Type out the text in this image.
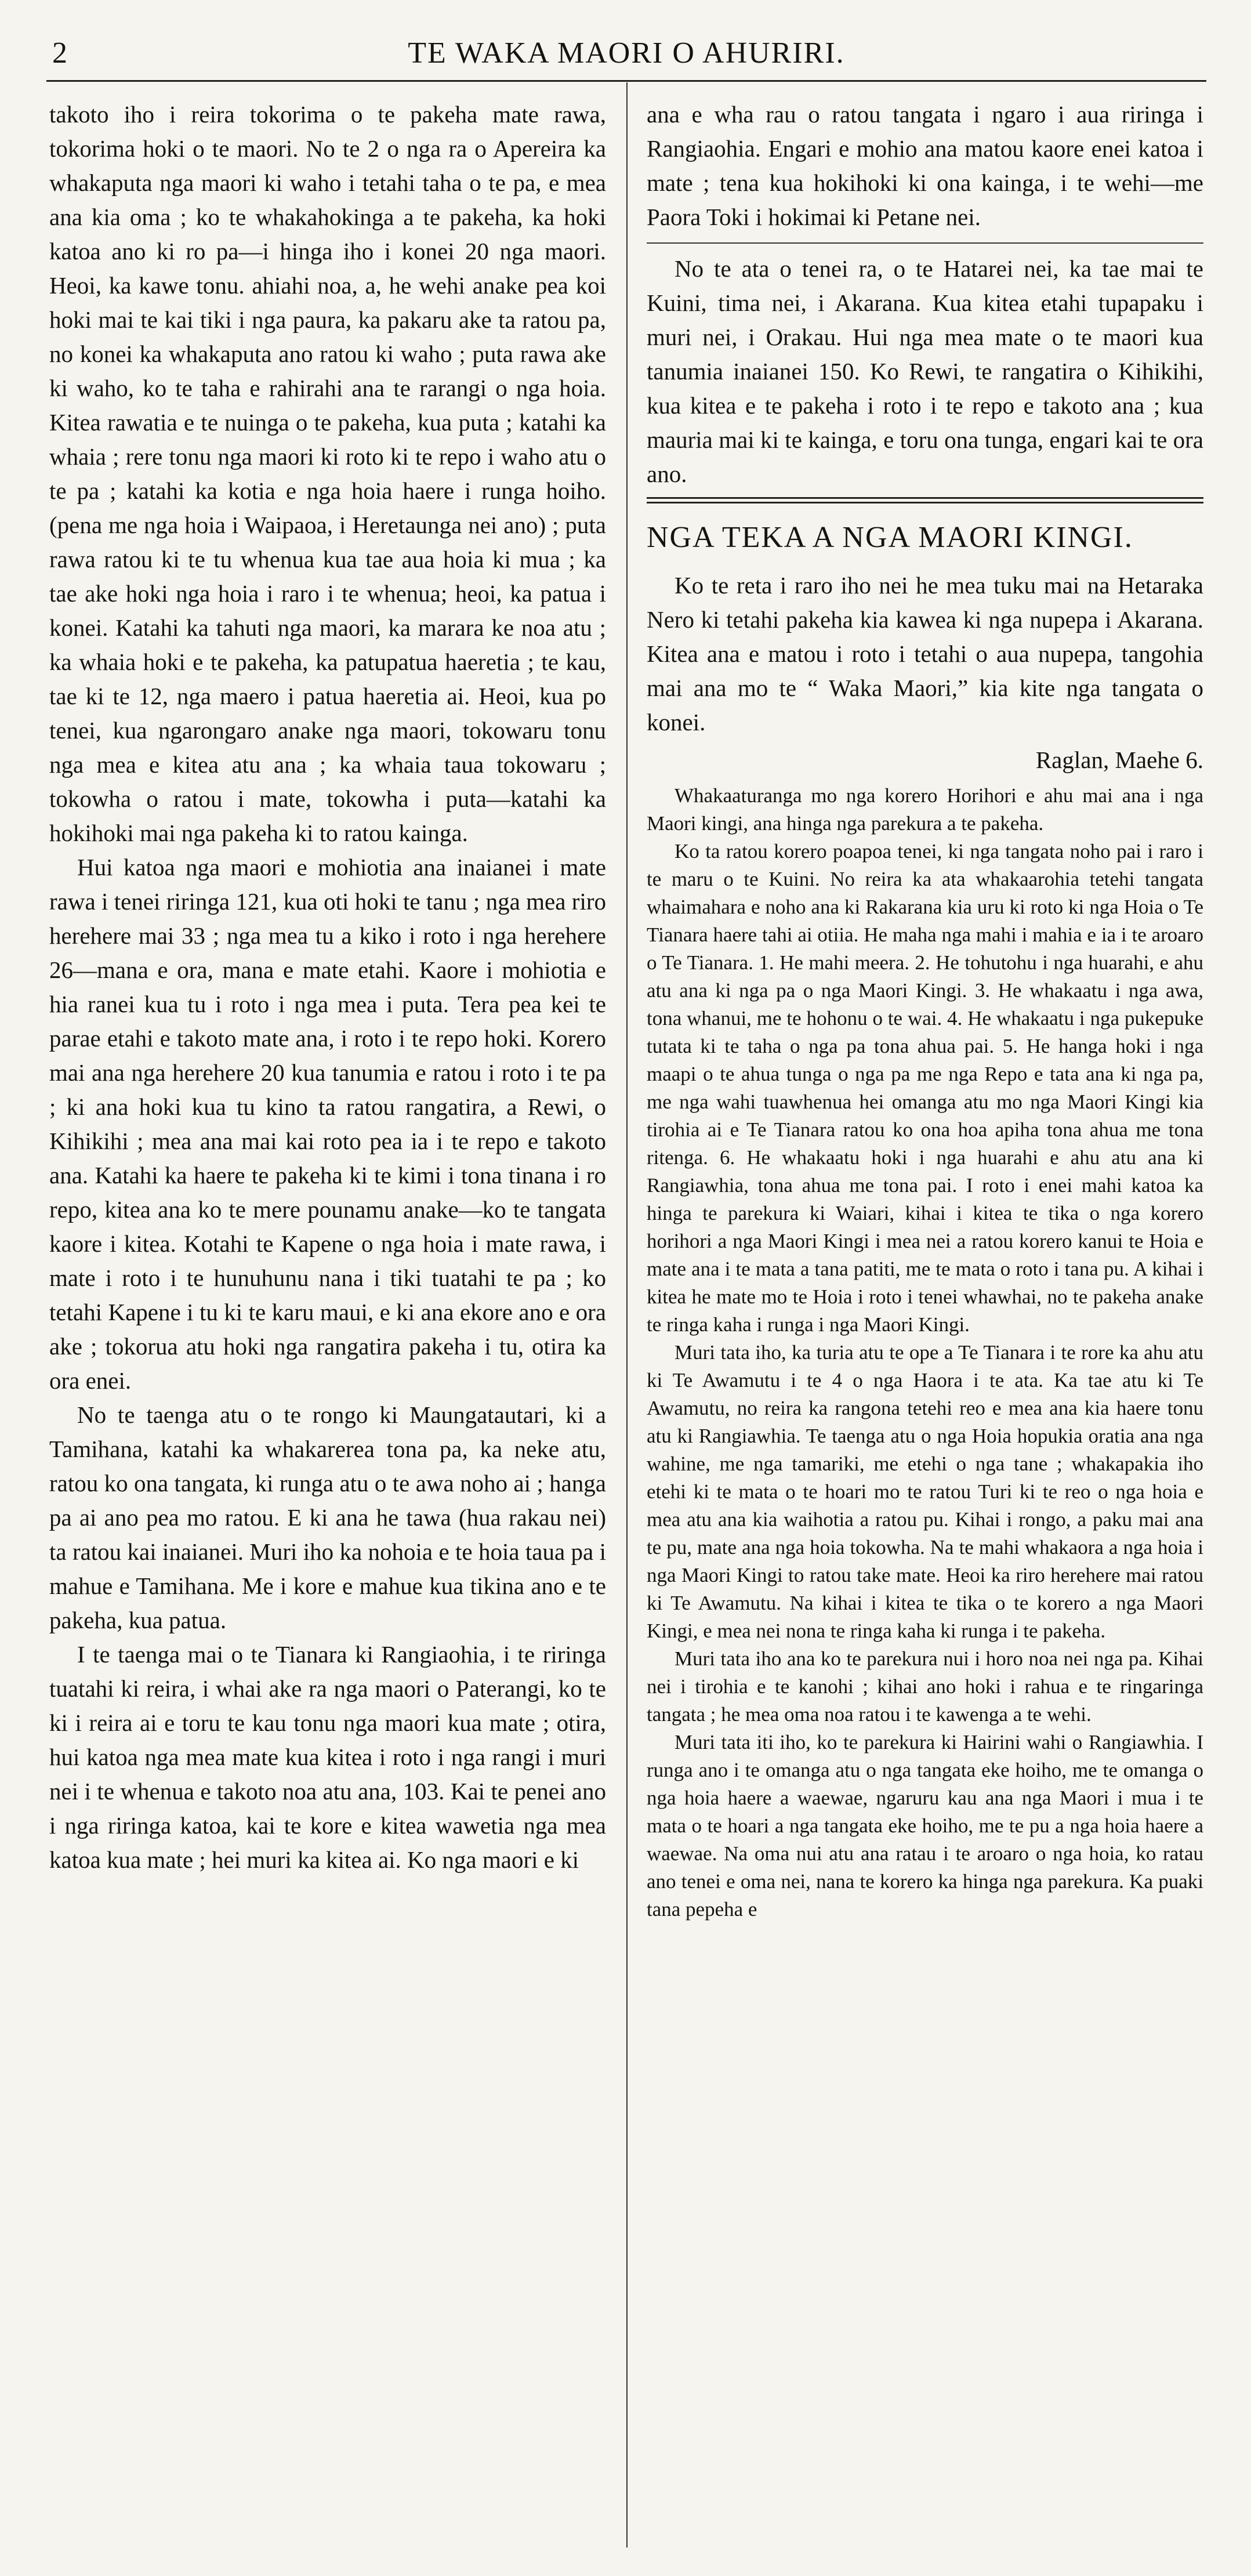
2	TE WAKA MAORI O AHURIRI.

takoto iho i reira tokorima o te pakeha mate rawa, tokorima hoki o te maori. No te 2 o nga ra o Apereira ka whakaputa nga maori ki waho i tetahi taha o te pa, e mea ana kia oma ; ko te whakahokinga a te pakeha, ka hoki katoa ano ki ro pa—i hinga iho i konei 20 nga maori. Heoi, ka kawe tonu. ahiahi noa, a, he wehi anake pea koi hoki mai te kai tiki i nga paura, ka pakaru ake ta ratou pa, no konei ka whakaputa ano ratou ki waho ; puta rawa ake ki waho, ko te taha e rahirahi ana te rarangi o nga hoia. Kitea rawatia e te nuinga o te pakeha, kua puta ; katahi ka whaia ; rere tonu nga maori ki roto ki te repo i waho atu o te pa ; katahi ka kotia e nga hoia haere i runga hoiho. (pena me nga hoia i Waipaoa, i Heretaunga nei ano) ; puta rawa ratou ki te tu whenua kua tae aua hoia ki mua ; ka tae ake hoki nga hoia i raro i te whenua; heoi, ka patua i konei. Katahi ka tahuti nga maori, ka marara ke noa atu ; ka whaia hoki e te pakeha, ka patupatua haeretia ; te kau, tae ki te 12, nga maero i patua haeretia ai. Heoi, kua po tenei, kua ngarongaro anake nga maori, tokowaru tonu nga mea e kitea atu ana ; ka whaia taua tokowaru ; tokowha o ratou i mate, tokowha i puta—katahi ka hokihoki mai nga pakeha ki to ratou kainga.

Hui katoa nga maori e mohiotia ana inaianei i mate rawa i tenei riringa 121, kua oti hoki te tanu ; nga mea riro herehere mai 33 ; nga mea tu a kiko i roto i nga herehere 26—mana e ora, mana e mate etahi. Kaore i mohiotia e hia ranei kua tu i roto i nga mea i puta. Tera pea kei te parae etahi e takoto mate ana, i roto i te repo hoki. Korero mai ana nga herehere 20 kua tanumia e ratou i roto i te pa ; ki ana hoki kua tu kino ta ratou rangatira, a Rewi, o Kihikihi ; mea ana mai kai roto pea ia i te repo e takoto ana. Katahi ka haere te pakeha ki te kimi i tona tinana i ro repo, kitea ana ko te mere pounamu anake—ko te tangata kaore i kitea. Kotahi te Kapene o nga hoia i mate rawa, i mate i roto i te hunuhunu nana i tiki tuatahi te pa ; ko tetahi Kapene i tu ki te karu maui, e ki ana ekore ano e ora ake ; tokorua atu hoki nga rangatira pakeha i tu, otira ka ora enei.

No te taenga atu o te rongo ki Maungatautari, ki a Tamihana, katahi ka whakarerea tona pa, ka neke atu, ratou ko ona tangata, ki runga atu o te awa noho ai ; hanga pa ai ano pea mo ratou. E ki ana he tawa (hua rakau nei) ta ratou kai inaianei. Muri iho ka nohoia e te hoia taua pa i mahue e Tamihana. Me i kore e mahue kua tikina ano e te pakeha, kua patua.

I te taenga mai o te Tianara ki Rangiaohia, i te riringa tuatahi ki reira, i whai ake ra nga maori o Paterangi, ko te ki i reira ai e toru te kau tonu nga maori kua mate ; otira, hui katoa nga mea mate kua kitea i roto i nga rangi i muri nei i te whenua e takoto noa atu ana, 103. Kai te penei ano i nga riringa katoa, kai te kore e kitea wawetia nga mea katoa kua mate ; hei muri ka kitea ai. Ko nga maori e ki

ana e wha rau o ratou tangata i ngaro i aua riringa i Rangiaohia. Engari e mohio ana matou kaore enei katoa i mate ; tena kua hokihoki ki ona kainga, i te wehi—me Paora Toki i hokimai ki Petane nei.

No te ata o tenei ra, o te Hatarei nei, ka tae mai te Kuini, tima nei, i Akarana. Kua kitea etahi tupapaku i muri nei, i Orakau. Hui nga mea mate o te maori kua tanumia inaianei 150. Ko Rewi, te rangatira o Kihikihi, kua kitea e te pakeha i roto i te repo e takoto ana ; kua mauria mai ki te kainga, e toru ona tunga, engari kai te ora ano.

NGA TEKA A NGA MAORI KINGI.

Ko te reta i raro iho nei he mea tuku mai na Hetaraka Nero ki tetahi pakeha kia kawea ki nga nupepa i Akarana. Kitea ana e matou i roto i tetahi o aua nupepa, tangohia mai ana mo te “ Waka Maori,” kia kite nga tangata o konei.

Raglan, Maehe 6.

Whakaaturanga mo nga korero Horihori e ahu mai ana i nga Maori kingi, ana hinga nga parekura a te pakeha.

Ko ta ratou korero poapoa tenei, ki nga tangata noho pai i raro i te maru o te Kuini. No reira ka ata whakaarohia tetehi tangata whaimahara e noho ana ki Rakarana kia uru ki roto ki nga Hoia o Te Tianara haere tahi ai otiia. He maha nga mahi i mahia e ia i te aroaro o Te Tianara. 1. He mahi meera. 2. He tohutohu i nga huarahi, e ahu atu ana ki nga pa o nga Maori Kingi. 3. He whakaatu i nga awa, tona whanui, me te hohonu o te wai. 4. He whakaatu i nga pukepuke tutata ki te taha o nga pa tona ahua pai. 5. He hanga hoki i nga maapi o te ahua tunga o nga pa me nga Repo e tata ana ki nga pa, me nga wahi tuawhenua hei omanga atu mo nga Maori Kingi kia tirohia ai e Te Tianara ratou ko ona hoa apiha tona ahua me tona ritenga. 6. He whakaatu hoki i nga huarahi e ahu atu ana ki Rangiawhia, tona ahua me tona pai. I roto i enei mahi katoa ka hinga te parekura ki Waiari, kihai i kitea te tika o nga korero horihori a nga Maori Kingi i mea nei a ratou korero kanui te Hoia e mate ana i te mata a tana patiti, me te mata o roto i tana pu. A kihai i kitea he mate mo te Hoia i roto i tenei whawhai, no te pakeha anake te ringa kaha i runga i nga Maori Kingi.

Muri tata iho, ka turia atu te ope a Te Tianara i te rore ka ahu atu ki Te Awamutu i te 4 o nga Haora i te ata. Ka tae atu ki Te Awamutu, no reira ka rangona tetehi reo e mea ana kia haere tonu atu ki Rangiawhia. Te taenga atu o nga Hoia hopukia oratia ana nga wahine, me nga tamariki, me etehi o nga tane ; whakapakia iho etehi ki te mata o te hoari mo te ratou Turi ki te reo o nga hoia e mea atu ana kia waihotia a ratou pu. Kihai i rongo, a paku mai ana te pu, mate ana nga hoia tokowha. Na te mahi whakaora a nga hoia i nga Maori Kingi to ratou take mate. Heoi ka riro herehere mai ratou ki Te Awamutu. Na kihai i kitea te tika o te korero a nga Maori Kingi, e mea nei nona te ringa kaha ki runga i te pakeha.

Muri tata iho ana ko te parekura nui i horo noa nei nga pa. Kihai nei i tirohia e te kanohi ; kihai ano hoki i rahua e te ringaringa tangata ; he mea oma noa ratou i te kawenga a te wehi.

Muri tata iti iho, ko te parekura ki Hairini wahi o Rangiawhia. I runga ano i te omanga atu o nga tangata eke hoiho, me te omanga o nga hoia haere a waewae, ngaruru kau ana nga Maori i mua i te mata o te hoari a nga tangata eke hoiho, me te pu a nga hoia haere a waewae. Na oma nui atu ana ratau i te aroaro o nga hoia, ko ratau ano tenei e oma nei, nana te korero ka hinga nga parekura. Ka puaki tana pepeha e
